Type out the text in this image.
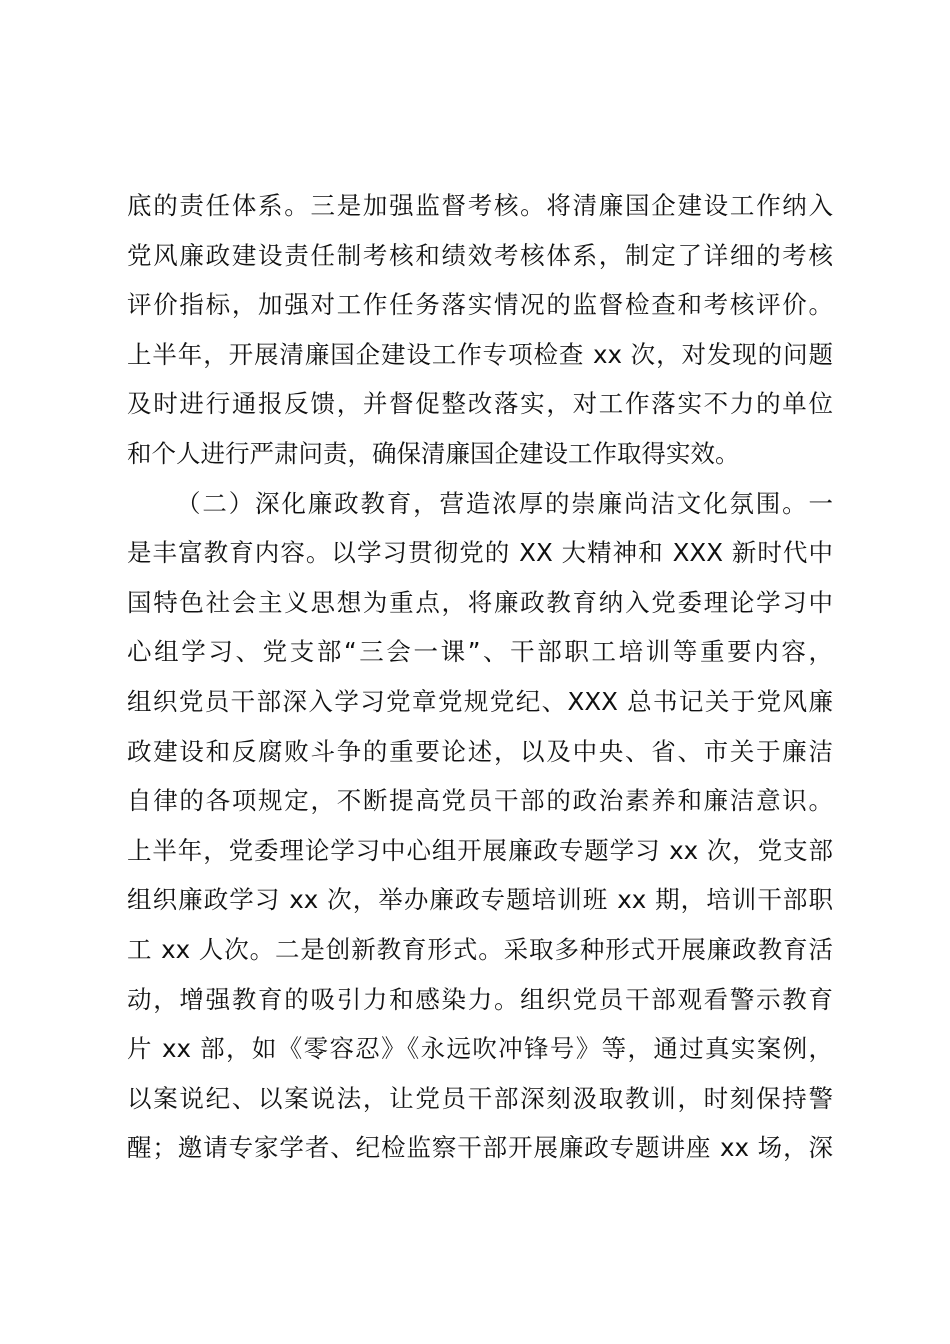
底的责任体系。三是加强监督考核。将清廉国企建设工作纳入
党风廉政建设责任制考核和绩效考核体系，制定了详细的考核
评价指标，加强对工作任务落实情况的监督检查和考核评价。
上半年，开展清廉国企建设工作专项检查 xx 次，对发现的问题
及时进行通报反馈，并督促整改落实，对工作落实不力的单位
和个人进行严肃问责，确保清廉国企建设工作取得实效。
（二）深化廉政教育，营造浓厚的崇廉尚洁文化氛围。一
是丰富教育内容。以学习贯彻党的 XX 大精神和 XXX 新时代中
国特色社会主义思想为重点，将廉政教育纳入党委理论学习中
心组学习、党支部“三会一课”、干部职工培训等重要内容，
组织党员干部深入学习党章党规党纪、XXX 总书记关于党风廉
政建设和反腐败斗争的重要论述，以及中央、省、市关于廉洁
自律的各项规定，不断提高党员干部的政治素养和廉洁意识。
上半年，党委理论学习中心组开展廉政专题学习 xx 次，党支部
组织廉政学习 xx 次，举办廉政专题培训班 xx 期，培训干部职
工 xx 人次。二是创新教育形式。采取多种形式开展廉政教育活
动，增强教育的吸引力和感染力。组织党员干部观看警示教育
片 xx 部，如《零容忍》《永远吹冲锋号》等，通过真实案例，
以案说纪、以案说法，让党员干部深刻汲取教训，时刻保持警
醒；邀请专家学者、纪检监察干部开展廉政专题讲座 xx 场，深
